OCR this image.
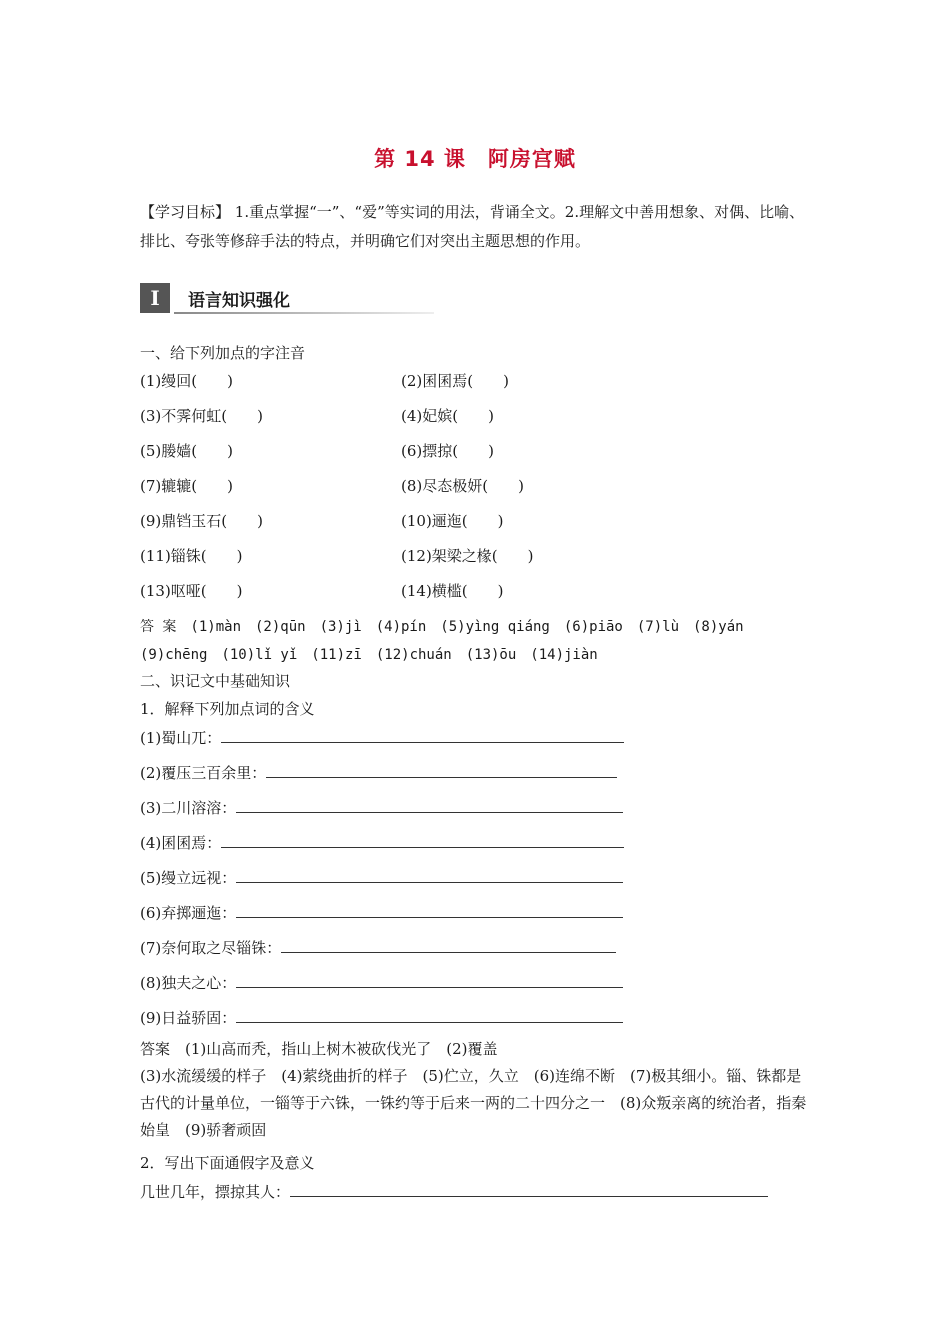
第 14 课　阿房宫赋
【学习目标】 1.重点掌握“一”、“爱”等实词的用法，背诵全文。2.理解文中善用想象、对偶、比喻、排比、夸张等修辞手法的特点，并明确它们对突出主题思想的作用。
I	语言知识强化
一、给下列加点的字注音
(1)缦回(　　)	(2)囷囷焉(　　)
(3)不霁何虹(　　)	(4)妃嫔(　　)
(5)媵嫱(　　)	(6)摽掠(　　)
(7)辘辘(　　)	(8)尽态极妍(　　)
(9)鼎铛玉石(　　)	(10)逦迤(　　)
(11)锱铢(　　)	(12)架梁之椽(　　)
(13)呕哑(　　)	(14)横槛(　　)
答 案　(1)màn　(2)qūn　(3)jì　(4)pín　(5)yìng qiáng　(6)piāo　(7)lù　(8)yán
(9)chēng　(10)lǐ yǐ　(11)zī　(12)chuán　(13)ōu　(14)jiàn
二、识记文中基础知识
1．解释下列加点词的含义
(1)蜀山兀：
(2)覆压三百余里：
(3)二川溶溶：
(4)囷囷焉：
(5)缦立远视：
(6)弃掷逦迤：
(7)奈何取之尽锱铢：
(8)独夫之心：
(9)日益骄固：
答案　(1)山高而秃，指山上树木被砍伐光了　(2)覆盖
(3)水流缓缓的样子　(4)萦绕曲折的样子　(5)伫立，久立　(6)连绵不断　(7)极其细小。锱、铢都是古代的计量单位，一锱等于六铢，一铢约等于后来一两的二十四分之一　(8)众叛亲离的统治者，指秦始皇　(9)骄奢顽固
2．写出下面通假字及意义
几世几年，摽掠其人：
